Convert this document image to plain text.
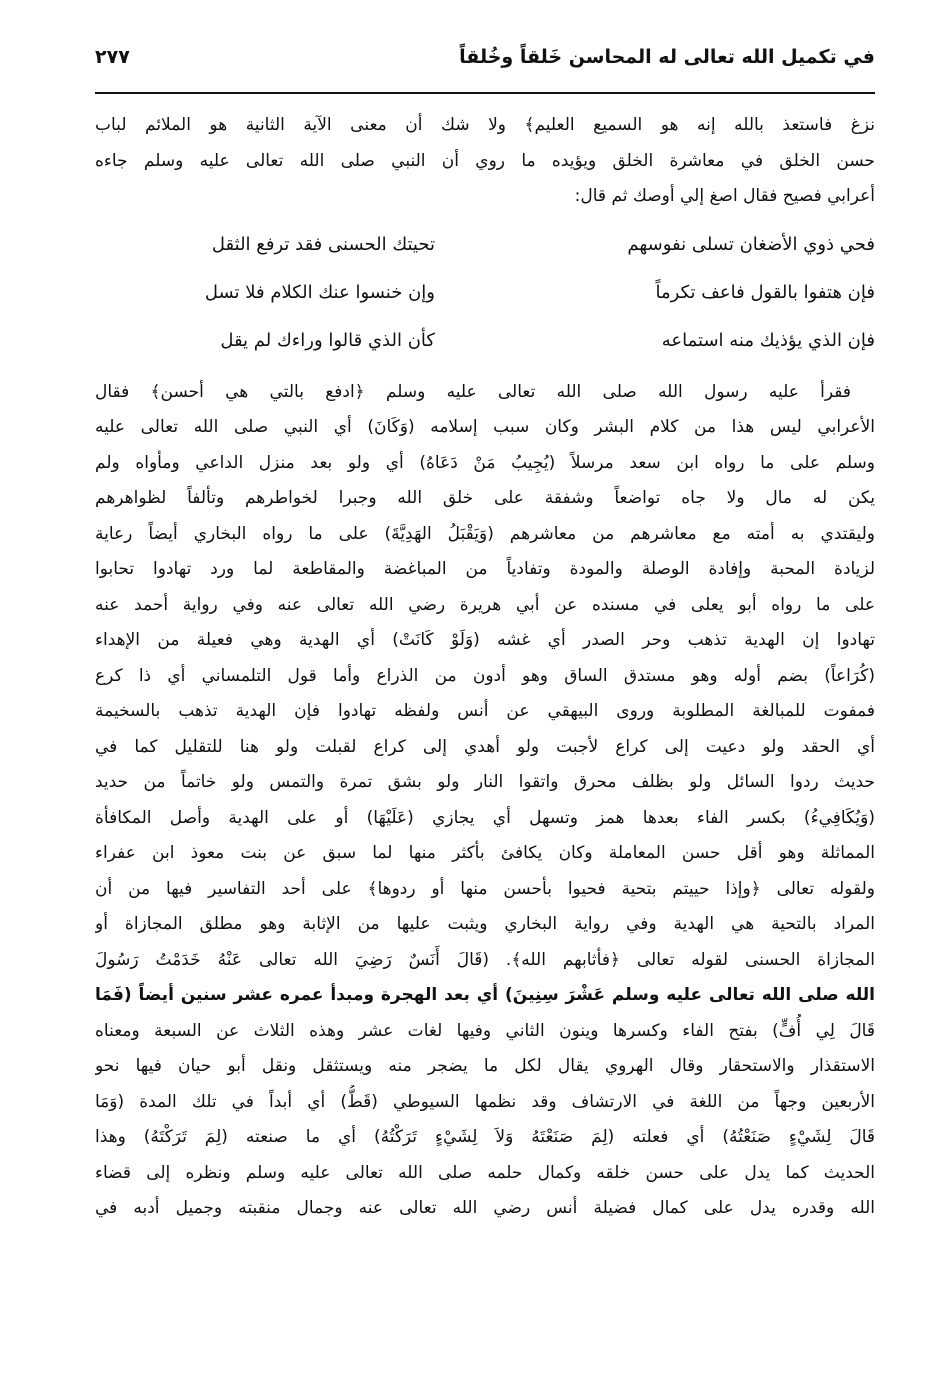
في تكميل الله تعالى له المحاسن خَلقاً وخُلقاً
٢٧٧
نزغ فاستعذ بالله إنه هو السميع العليم﴾ ولا شك أن معنى الآية الثانية هو الملائم لباب
حسن الخلق في معاشرة الخلق ويؤيده ما روي أن النبي صلى الله تعالى عليه وسلم جاءه
أعرابي فصيح فقال اصغ إلي أوصك ثم قال:
فحي ذوي الأضغان تسلى نفوسهم
تحيتك الحسنى فقد ترفع الثقل
فإن هتفوا بالقول فاعف تكرماً
وإن خنسوا عنك الكلام فلا تسل
فإن الذي يؤذيك منه استماعه
كأن الذي قالوا وراءك لم يقل
فقرأ عليه رسول الله صلى الله تعالى عليه وسلم ﴿ادفع بالتي هي أحسن﴾ فقال
الأعرابي ليس هذا من كلام البشر وكان سبب إسلامه (وَكَانَ) أي النبي صلى الله تعالى عليه
وسلم على ما رواه ابن سعد مرسلاً (يُجِيبُ مَنْ دَعَاهُ) أي ولو بعد منزل الداعي ومأواه ولم
يكن له مال ولا جاه تواضعاً وشفقة على خلق الله وجبرا لخواطرهم وتألفاً لظواهرهم
وليقتدي به أمته مع معاشرهم من معاشرهم (وَيَقْبَلُ الهَدِيَّةَ) على ما رواه البخاري أيضاً رعاية
لزيادة المحبة وإفادة الوصلة والمودة وتفادياً من المباغضة والمقاطعة لما ورد تهادوا تحابوا
على ما رواه أبو يعلى في مسنده عن أبي هريرة رضي الله تعالى عنه وفي رواية أحمد عنه
تهادوا إن الهدية تذهب وحر الصدر أي غشه (وَلَوْ كَانَتْ) أي الهدية وهي فعيلة من الإهداء
(كُرَاعاً) بضم أوله وهو مستدق الساق وهو أدون من الذراع وأما قول التلمساني أي ذا كرع
فمفوت للمبالغة المطلوبة وروى البيهقي عن أنس ولفظه تهادوا فإن الهدية تذهب بالسخيمة
أي الحقد ولو دعيت إلى كراع لأجبت ولو أهدي إلى كراع لقبلت ولو هنا للتقليل كما في
حديث ردوا السائل ولو بظلف محرق واتقوا النار ولو بشق تمرة والتمس ولو خاتماً من حديد
(وَيُكَافِيءُ) بكسر الفاء بعدها همز وتسهل أي يجازي (عَلَيْهَا) أو على الهدية وأصل المكافأة
المماثلة وهو أقل حسن المعاملة وكان يكافئ بأكثر منها لما سبق عن بنت معوذ ابن عفراء
ولقوله تعالى ﴿وإذا حييتم بتحية فحيوا بأحسن منها أو ردوها﴾ على أحد التفاسير فيها من أن
المراد بالتحية هي الهدية وفي رواية البخاري ويثبت عليها من الإثابة وهو مطلق المجازاة أو
المجازاة الحسنى لقوله تعالى ﴿فأثابهم الله﴾. (قَالَ أَنَسٌ رَضِيَ الله تعالى عَنْهُ خَدَمْتُ رَسُولَ
الله صلى الله تعالى عليه وسلم عَشْرَ سِنِينَ) أي بعد الهجرة ومبدأ عمره عشر سنين أيضاً (فَمَا
قَالَ لِي أُفٍّ) بفتح الفاء وكسرها وينون الثاني وفيها لغات عشر وهذه الثلاث عن السبعة ومعناه
الاستقذار والاستحقار وقال الهروي يقال لكل ما يضجر منه ويستثقل ونقل أبو حيان فيها نحو
الأربعين وجهاً من اللغة في الارتشاف وقد نظمها السيوطي (قَطُّ) أي أبداً في تلك المدة (وَمَا
قَالَ لِشَيْءٍ صَنَعْتُهُ) أي فعلته (لِمَ صَنَعْتَهُ وَلاَ لِشَيْءٍ تَرَكْتُهُ) أي ما صنعته (لِمَ تَرَكْتَهُ) وهذا
الحديث كما يدل على حسن خلقه وكمال حلمه صلى الله تعالى عليه وسلم ونظره إلى قضاء
الله وقدره يدل على كمال فضيلة أنس رضي الله تعالى عنه وجمال منقبته وجميل أدبه في
